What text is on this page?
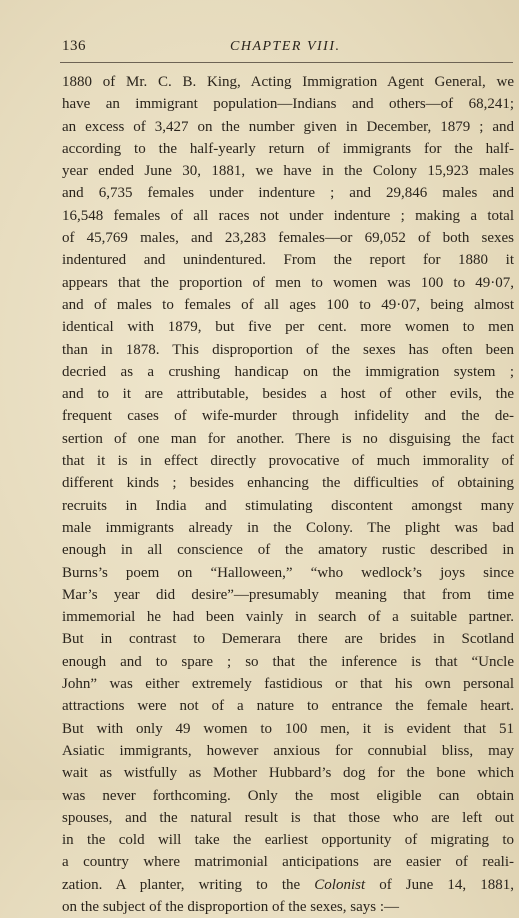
136	CHAPTER VIII.
1880 of Mr. C. B. King, Acting Immigration Agent General, we
have an immigrant population—Indians and others—of 68,241;
an excess of 3,427 on the number given in December, 1879 ; and
according to the half-yearly return of immigrants for the half-
year ended June 30, 1881, we have in the Colony 15,923 males
and 6,735 females under indenture ; and 29,846 males and
16,548 females of all races not under indenture ; making a total
of 45,769 males, and 23,283 females—or 69,052 of both sexes
indentured and unindentured. From the report for 1880 it
appears that the proportion of men to women was 100 to 49·07,
and of males to females of all ages 100 to 49·07, being almost
identical with 1879, but five per cent. more women to men
than in 1878. This disproportion of the sexes has often been
decried as a crushing handicap on the immigration system ;
and to it are attributable, besides a host of other evils, the
frequent cases of wife-murder through infidelity and the de-
sertion of one man for another. There is no disguising the fact
that it is in effect directly provocative of much immorality of
different kinds ; besides enhancing the difficulties of obtaining
recruits in India and stimulating discontent amongst many
male immigrants already in the Colony. The plight was bad
enough in all conscience of the amatory rustic described in
Burns’s poem on “Halloween,” “who wedlock’s joys since
Mar’s year did desire”—presumably meaning that from time
immemorial he had been vainly in search of a suitable partner.
But in contrast to Demerara there are brides in Scotland
enough and to spare ; so that the inference is that “Uncle
John” was either extremely fastidious or that his own personal
attractions were not of a nature to entrance the female heart.
But with only 49 women to 100 men, it is evident that 51
Asiatic immigrants, however anxious for connubial bliss, may
wait as wistfully as Mother Hubbard’s dog for the bone which
was never forthcoming. Only the most eligible can obtain
spouses, and the natural result is that those who are left out
in the cold will take the earliest opportunity of migrating to
a country where matrimonial anticipations are easier of reali-
zation. A planter, writing to the Colonist of June 14, 1881,
on the subject of the disproportion of the sexes, says :—
